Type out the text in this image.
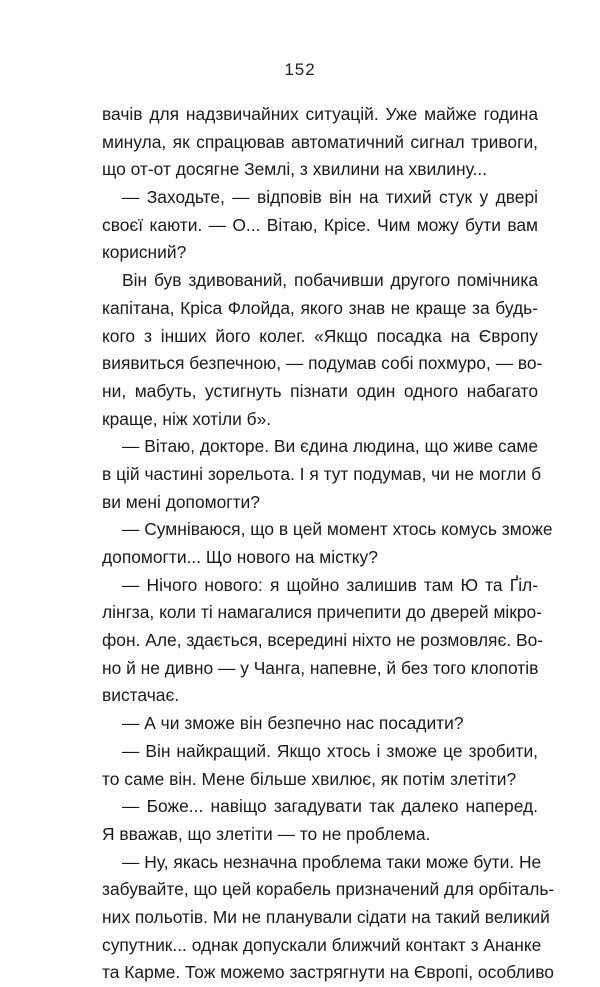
152
вачів для надзвичайних ситуацій. Уже майже година
минула, як спрацював автоматичний сигнал тривоги,
що от-от досягне Землі, з хвилини на хвилину...
— Заходьте, — відповів він на тихий стук у двері
своєї каюти. — О... Вітаю, Крісе. Чим можу бути вам
корисний?
Він був здивований, побачивши другого помічника
капітана, Кріса Флойда, якого знав не краще за будь-
кого з інших його колег. «Якщо посадка на Європу
виявиться безпечною, — подумав собі похмуро, — во-
ни, мабуть, устигнуть пізнати один одного набагато
краще, ніж хотіли б».
— Вітаю, докторе. Ви єдина людина, що живе саме
в цій частині зорельота. І я тут подумав, чи не могли б
ви мені допомогти?
— Сумніваюся, що в цей момент хтось комусь зможе
допомогти... Що нового на містку?
— Нічого нового: я щойно залишив там Ю та Ґіл-
лінгза, коли ті намагалися причепити до дверей мікро-
фон. Але, здається, всередині ніхто не розмовляє. Во-
но й не дивно — у Чанга, напевне, й без того клопотів
вистачає.
— А чи зможе він безпечно нас посадити?
— Він найкращий. Якщо хтось і зможе це зробити,
то саме він. Мене більше хвилює, як потім злетіти?
— Боже... навіщо загадувати так далеко наперед.
Я вважав, що злетіти — то не проблема.
— Ну, якась незначна проблема таки може бути. Не
забувайте, що цей корабель призначений для орбіталь-
них польотів. Ми не планували сідати на такий великий
супутник... однак допускали ближчий контакт з Ананке
та Карме. Тож можемо застрягнути на Європі, особливо
